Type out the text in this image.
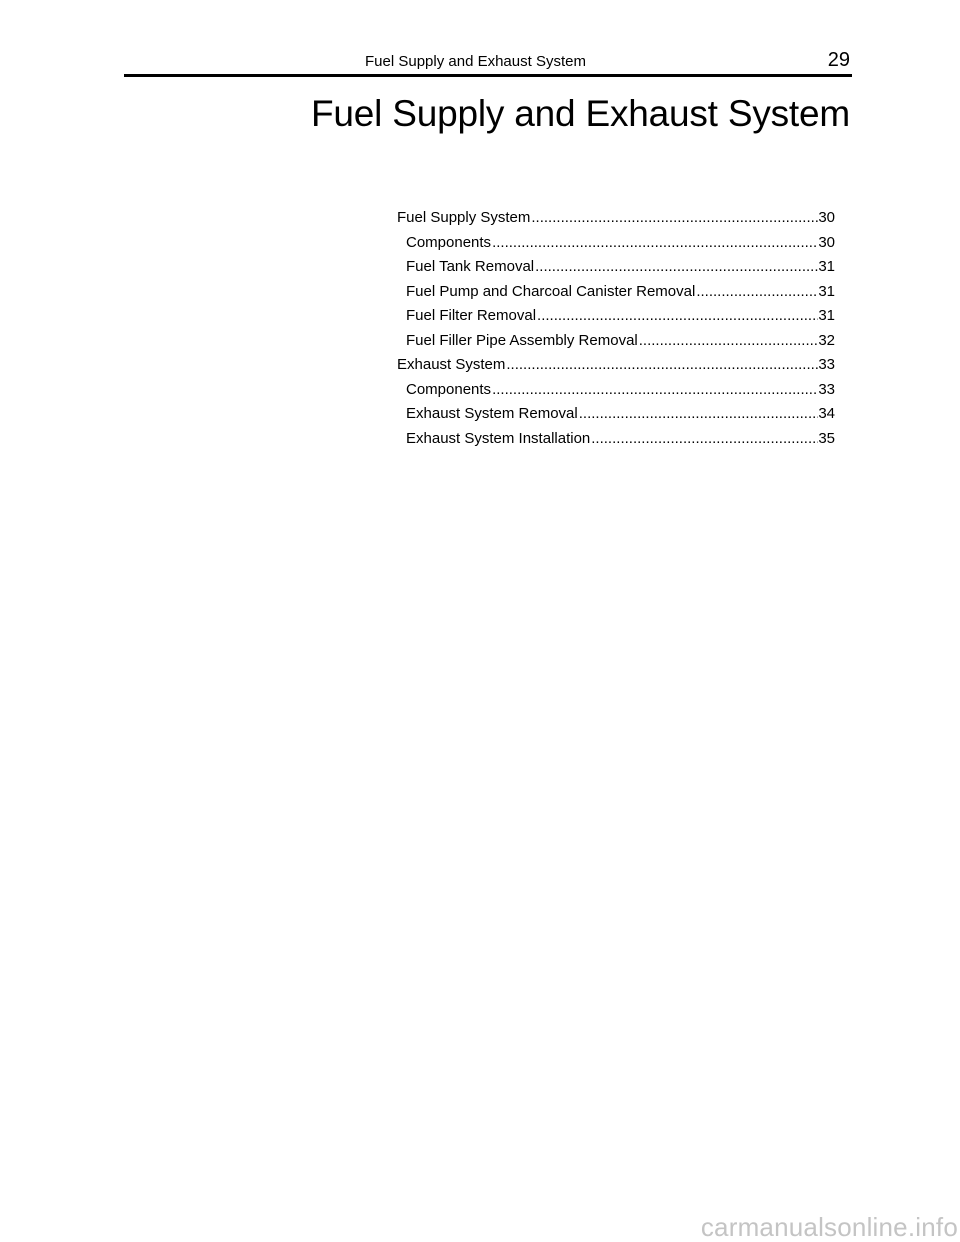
Fuel Supply and Exhaust System	29
Fuel Supply and Exhaust System
Fuel Supply System .....	30
Components .....	30
Fuel Tank Removal .....	31
Fuel Pump and Charcoal Canister Removal .....	31
Fuel Filter Removal .....	31
Fuel Filler Pipe Assembly Removal .....	32
Exhaust System .....	33
Components .....	33
Exhaust System Removal .....	34
Exhaust System Installation .....	35
carmanualsonline.info
